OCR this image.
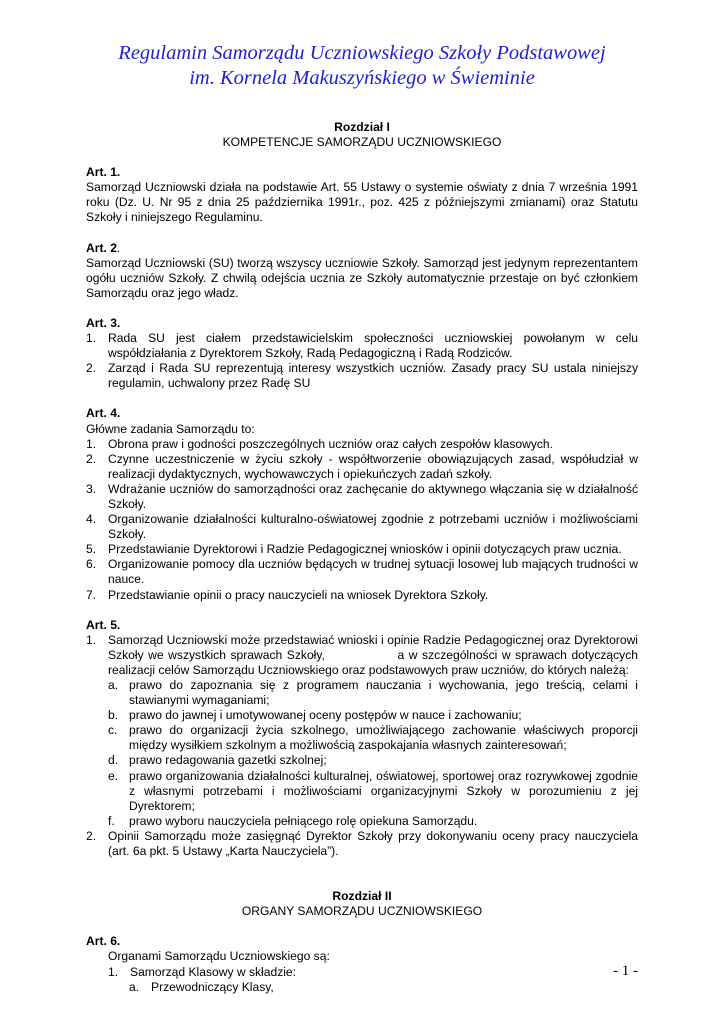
Regulamin Samorządu Uczniowskiego Szkoły Podstawowej
im. Kornela Makuszyńskiego w Świeminie
Rozdział I
KOMPETENCJE SAMORZĄDU UCZNIOWSKIEGO
Art. 1.
Samorząd Uczniowski działa na podstawie Art. 55 Ustawy o systemie oświaty z dnia 7 września 1991 roku (Dz. U. Nr 95 z dnia 25 października 1991r., poz. 425 z późniejszymi zmianami) oraz Statutu Szkoły i niniejszego Regulaminu.
Art. 2.
Samorząd Uczniowski (SU) tworzą wszyscy uczniowie Szkoły. Samorząd jest jedynym reprezentantem ogółu uczniów Szkoły. Z chwilą odejścia ucznia ze Szkoły automatycznie przestaje on być członkiem Samorządu oraz jego władz.
Art. 3.
1. Rada SU jest ciałem przedstawicielskim społeczności uczniowskiej powołanym w celu współdziałania z Dyrektorem Szkoły, Radą Pedagogiczną i Radą Rodziców.
2. Zarząd i Rada SU reprezentują interesy wszystkich uczniów. Zasady pracy SU ustala niniejszy regulamin, uchwalony przez Radę SU
Art. 4.
Główne zadania Samorządu to:
1. Obrona praw i godności poszczególnych uczniów oraz całych zespołów klasowych.
2. Czynne uczestniczenie w życiu szkoły - współtworzenie obowiązujących zasad, współudział w realizacji dydaktycznych, wychowawczych i opiekuńczych zadań szkoły.
3. Wdrażanie uczniów do samorządności oraz zachęcanie do aktywnego włączania się w działalność Szkoły.
4. Organizowanie działalności kulturalno-oświatowej zgodnie z potrzebami uczniów i możliwościami Szkoły.
5. Przedstawianie Dyrektorowi i Radzie Pedagogicznej wniosków i opinii dotyczących praw ucznia.
6. Organizowanie pomocy dla uczniów będących w trudnej sytuacji losowej lub mających trudności w nauce.
7. Przedstawianie opinii o pracy nauczycieli na wniosek Dyrektora Szkoły.
Art. 5.
1. Samorząd Uczniowski może przedstawiać wnioski i opinie Radzie Pedagogicznej oraz Dyrektorowi Szkoły we wszystkich sprawach Szkoły,                a w szczególności w sprawach dotyczących realizacji celów Samorządu Uczniowskiego oraz podstawowych praw uczniów, do których należą:
a. prawo do zapoznania się z programem nauczania i wychowania, jego treścią, celami i stawianymi wymaganiami;
b. prawo do jawnej i umotywowanej oceny postępów w nauce i zachowaniu;
c. prawo do organizacji życia szkolnego, umożliwiającego zachowanie właściwych proporcji między wysiłkiem szkolnym a możliwością zaspokajania własnych zainteresowań;
d. prawo redagowania gazetki szkolnej;
e. prawo organizowania działalności kulturalnej, oświatowej, sportowej oraz rozrywkowej zgodnie z własnymi potrzebami i możliwościami organizacyjnymi Szkoły w porozumieniu z jej Dyrektorem;
f.	prawo wyboru nauczyciela pełniącego rolę opiekuna Samorządu.
2. Opinii Samorządu może zasięgnąć Dyrektor Szkoły przy dokonywaniu oceny pracy nauczyciela (art. 6a pkt. 5 Ustawy „Karta Nauczyciela”).
Rozdział II
ORGANY SAMORZĄDU UCZNIOWSKIEGO
Art. 6.
Organami Samorządu Uczniowskiego są:
1. Samorząd Klasowy w składzie:
a. Przewodniczący Klasy,
- 1 -
